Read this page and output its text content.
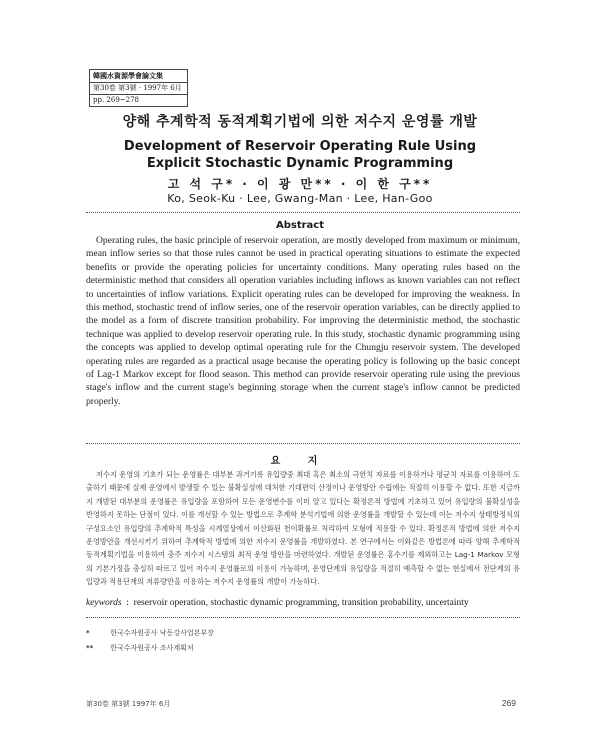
韓國水資源學會論文集
第30卷 第3號 · 1997年 6月
pp. 269~278
양해 추계학적 동적계획기법에 의한 저수지 운영률 개발
Development of Reservoir Operating Rule Using
Explicit Stochastic Dynamic Programming
고 석 구* · 이 광 만** · 이 한 구**
Ko, Seok-Ku · Lee, Gwang-Man · Lee, Han-Goo
Abstract

Operating rules, the basic principle of reservoir operation, are mostly developed from maximum or minimum, mean inflow series so that those rules cannot be used in practical operating situations to estimate the expected benefits or provide the operating policies for uncertainty conditions. Many operating rules based on the deterministic method that considers all operation variables including inflows as known variables can not reflect to uncertainties of inflow variations. Explicit operating rules can be developed for improving the weakness. In this method, stochastic trend of inflow series, one of the reservoir operation variables, can be directly applied to the model as a form of discrete transition probability. For improving the deterministic method, the stochastic technique was applied to develop reservoir operating rule. In this study, stochastic dynamic programming using the concepts was applied to develop optimal operating rule for the Chungju reservoir system. The developed operating rules are regarded as a practical usage because the operating policy is following up the basic concept of Lag-1 Markov except for flood season. This method can provide reservoir operating rule using the previous stage's inflow and the current stage's beginning storage when the current stage's inflow cannot be predicted properly.

요 지

저수지 운영의 기초가 되는 운영률은 대부분 과거기록 유입량중 최대 혹은 최소의 극한치 자료를 이용하거나 평균치 자료를 이용하여 도출하기 때문에 실제 운영에서 발생할 수 있는 불확실성에 대처한 기대편익 산정이나 운영방안 수립에는 적절히 이용할 수 없다. 또한 지금까지 개발된 대부분의 운영률은 유입량을 포함하여 모든 운영변수를 이미 알고 있다는 확정론적 방법에 기초하고 있어 유입량의 불확실성을 반영하지 못하는 단점이 있다. 이를 개선할 수 있는 방법으로 추계학 분석기법에 의한 운영률을 개발할 수 있는데 이는 저수지 상태방정식의 구성요소인 유입량의 추계학적 특성을 시계열상에서 이산화된 천이확률로 처리하여 모형에 적용할 수 있다. 확정론적 방법에 의한 저수지 운영방안을 개선시키기 위하여 추계학적 방법에 의한 저수지 운영률을 개발하였다. 본 연구에서는 이와같은 방법론에 따라 양해 추계학적 동적계획기법을 이용하여 충주 저수지 시스템의 최적 운영 방안을 마련하였다. 개발된 운영률은 홍수기를 제외하고는 Lag-1 Markov 모형의 기본가정을 충실히 따르고 있어 저수지 운영률로의 이용이 가능하며, 운영단계의 유입량을 적절히 예측할 수 없는 현실에서 전단계의 유입량과 적용단계의 저류량만을 이용하는 저수지 운영률의 개발이 가능하다.

keywords  :  reservoir operation, stochastic dynamic programming, transition probability, uncertainty
*	한국수자원공사 낙동강사업본부장
** 한국수자원공사 조사계획처
第30卷 第3號 1997年 6月	269
